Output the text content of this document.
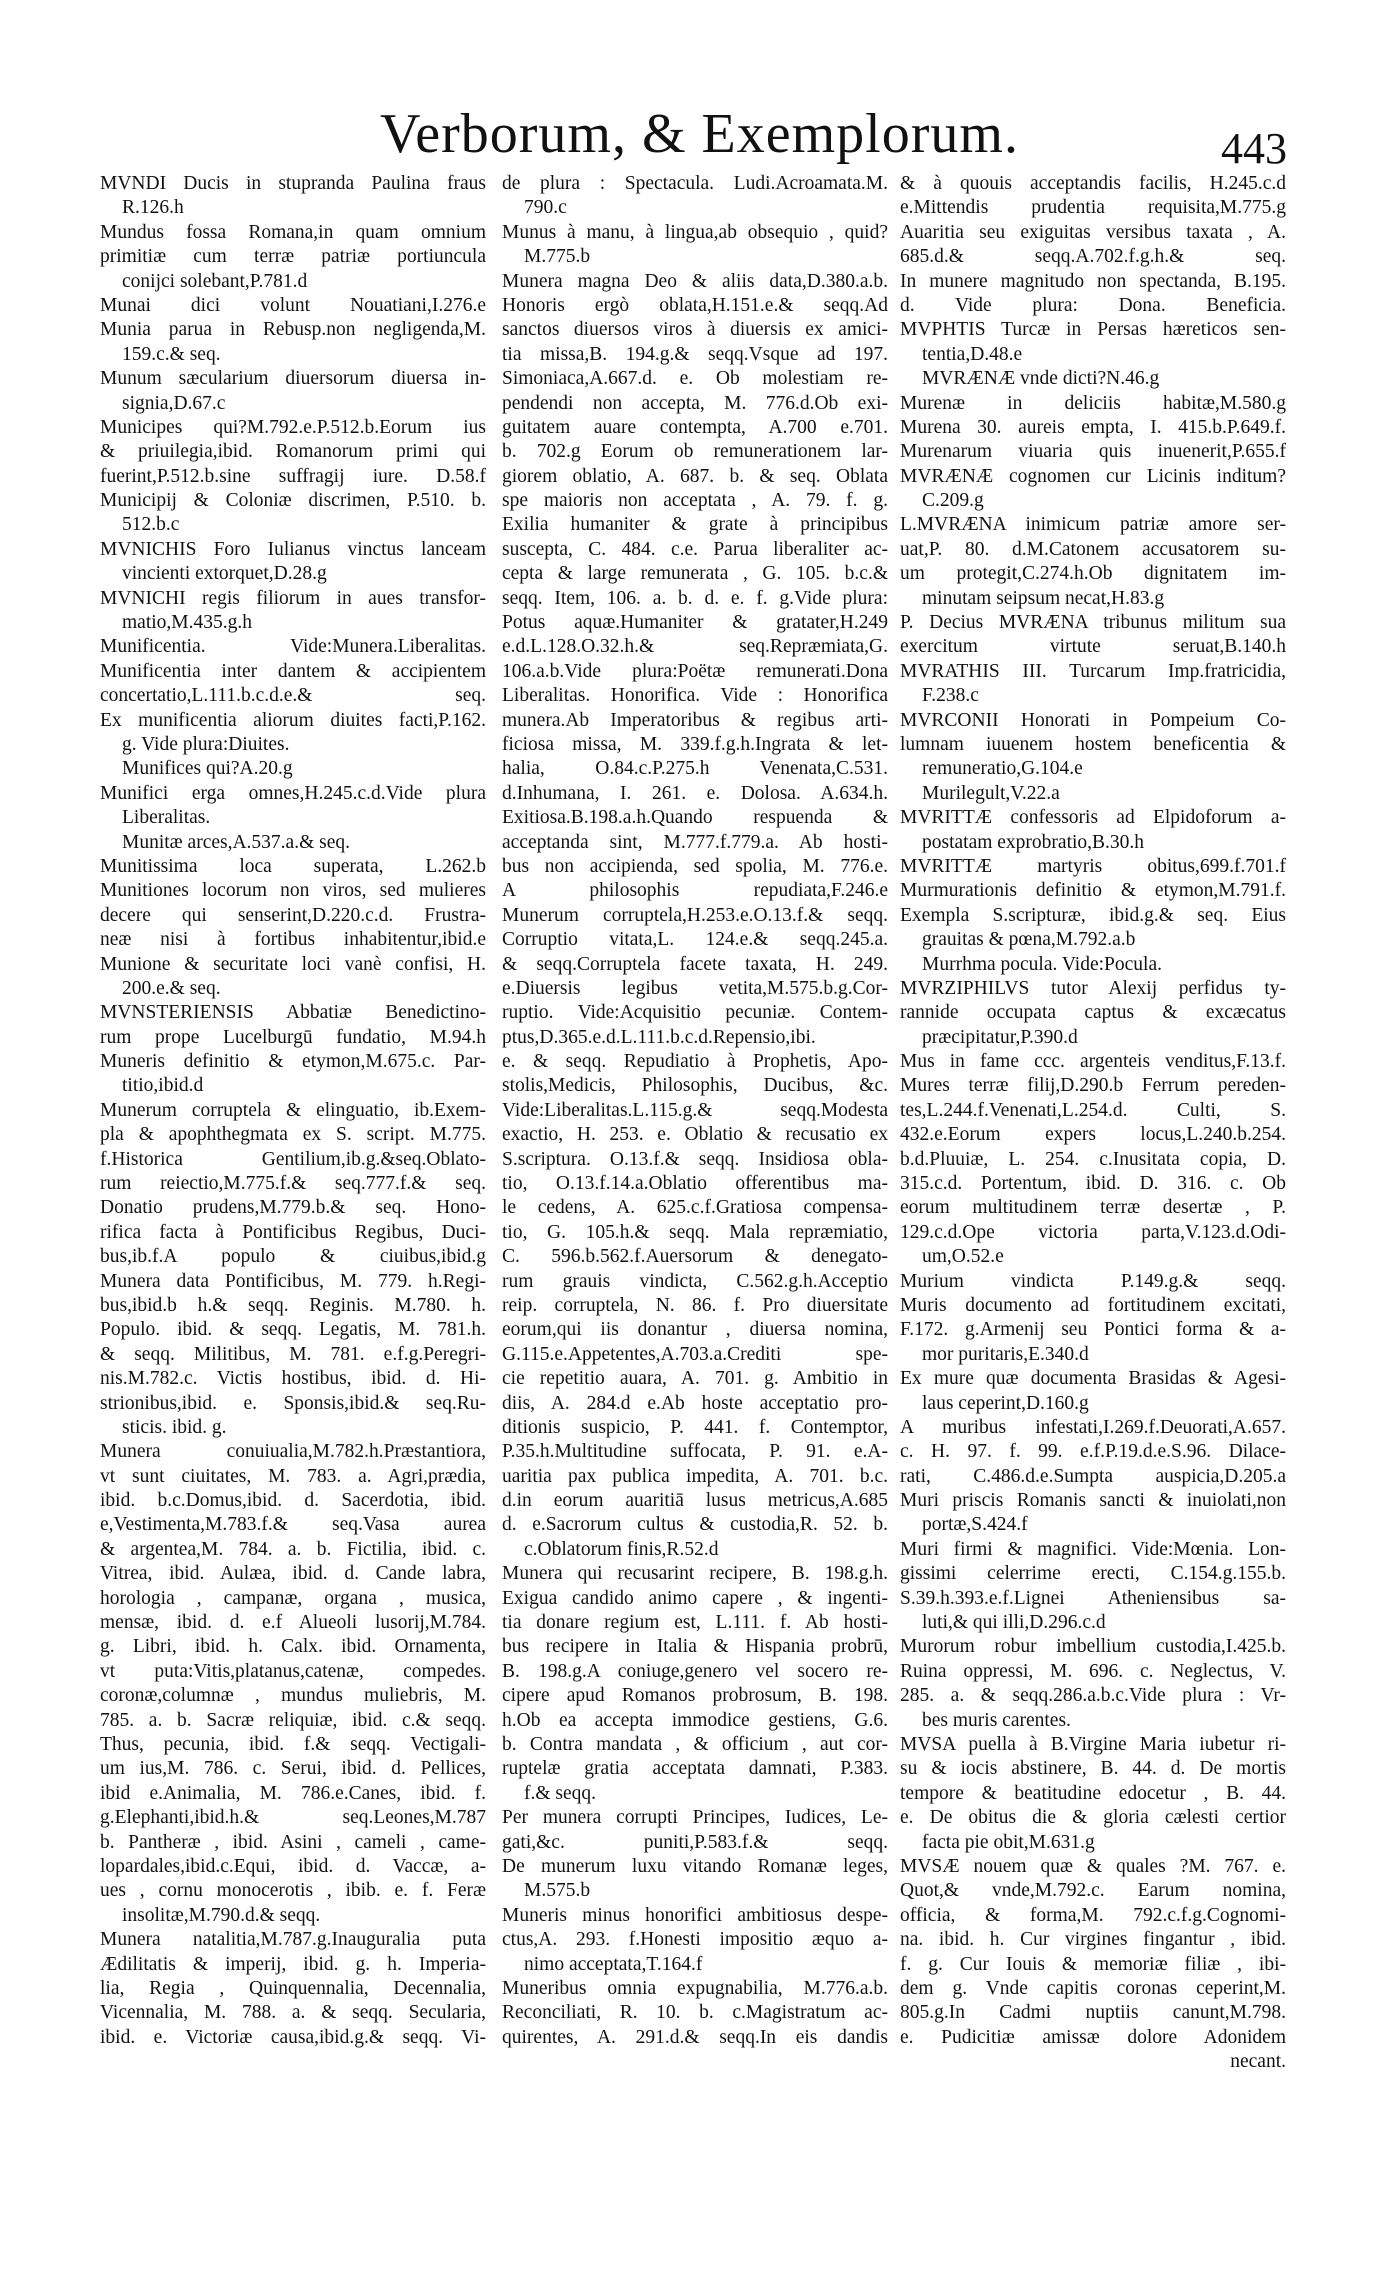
Verborum, & Exemplorum.	443
MVNDI Ducis in stupranda Paulina fraus
R.126.h
Mundus fossa Romana,in quam omnium
primitiæ cum terræ patriæ portiuncula
conijci solebant,P.781.d
Munai dici volunt Nouatiani,I.276.e
Munia parua in Rebusp.non negligenda,M.
159.c.& seq.
Munum sæcularium diuersorum diuersa in-
signia,D.67.c
Municipes qui?M.792.e.P.512.b.Eorum ius
& priuilegia,ibid. Romanorum primi qui
fuerint,P.512.b.sine suffragij iure. D.58.f
Municipij & Coloniæ discrimen, P.510. b.
512.b.c
MVNICHIS Foro Iulianus vinctus lanceam
vincienti extorquet,D.28.g
MVNICHI regis filiorum in aues transfor-
matio,M.435.g.h
Munificentia. Vide:Munera.Liberalitas.
Munificentia inter dantem & accipientem
concertatio,L.111.b.c.d.e.& seq.
Ex munificentia aliorum diuites facti,P.162.
g. Vide plura:Diuites.
Munifices qui?A.20.g
Munifici erga omnes,H.245.c.d.Vide plura
Liberalitas.
Munitæ arces,A.537.a.& seq.
Munitissima loca superata, L.262.b
Munitiones locorum non viros, sed mulieres
decere qui senserint,D.220.c.d. Frustra-
neæ nisi à fortibus inhabitentur,ibid.e
Munione & securitate loci vanè confisi, H.
200.e.& seq.
MVNSTERIENSIS Abbatiæ Benedictino-
rum prope Lucelburgū fundatio, M.94.h
Muneris definitio & etymon,M.675.c. Par-
titio,ibid.d
Munerum corruptela & elinguatio, ib.Exem-
pla & apophthegmata ex S. script. M.775.
f.Historica Gentilium,ib.g.&seq.Oblato-
rum reiectio,M.775.f.& seq.777.f.& seq.
Donatio prudens,M.779.b.& seq. Hono-
rifica facta à Pontificibus Regibus, Duci-
bus,ib.f.A populo & ciuibus,ibid.g
Munera data Pontificibus, M. 779. h.Regi-
bus,ibid.b h.& seqq. Reginis. M.780. h.
Populo. ibid. & seqq. Legatis, M. 781.h.
& seqq. Militibus, M. 781. e.f.g.Peregri-
nis.M.782.c. Victis hostibus, ibid. d. Hi-
strionibus,ibid. e. Sponsis,ibid.& seq.Ru-
sticis. ibid. g.
Munera conuiualia,M.782.h.Præstantiora,
vt sunt ciuitates, M. 783. a. Agri,prædia,
ibid. b.c.Domus,ibid. d. Sacerdotia, ibid.
e,Vestimenta,M.783.f.& seq.Vasa aurea
& argentea,M. 784. a. b. Fictilia, ibid. c.
Vitrea, ibid. Aulæa, ibid. d. Cande labra,
horologia , campanæ, organa , musica,
mensæ, ibid. d. e.f Alueoli lusorij,M.784.
g. Libri, ibid. h. Calx. ibid. Ornamenta,
vt puta:Vitis,platanus,catenæ, compedes.
coronæ,columnæ , mundus muliebris, M.
785. a. b. Sacræ reliquiæ, ibid. c.& seqq.
Thus, pecunia, ibid. f.& seqq. Vectigali-
um ius,M. 786. c. Serui, ibid. d. Pellices,
ibid e.Animalia, M. 786.e.Canes, ibid. f.
g.Elephanti,ibid.h.& seq.Leones,M.787
b. Pantheræ , ibid. Asini , cameli , came-
lopardales,ibid.c.Equi, ibid. d. Vaccæ, a-
ues , cornu monocerotis , ibib. e. f. Feræ
insolitæ,M.790.d.& seqq.
Munera natalitia,M.787.g.Inauguralia puta
Ædilitatis & imperij, ibid. g. h. Imperia-
lia, Regia , Quinquennalia, Decennalia,
Vicennalia, M. 788. a. & seqq. Secularia,
ibid. e. Victoriæ causa,ibid.g.& seqq. Vi-
de plura : Spectacula. Ludi.Acroamata.M.
790.c
Munus à manu, à lingua,ab obsequio , quid?
M.775.b
Munera magna Deo & aliis data,D.380.a.b.
Honoris ergò oblata,H.151.e.& seqq.Ad
sanctos diuersos viros à diuersis ex amici-
tia missa,B. 194.g.& seqq.Vsque ad 197.
Simoniaca,A.667.d. e. Ob molestiam re-
pendendi non accepta, M. 776.d.Ob exi-
guitatem auare contempta, A.700 e.701.
b. 702.g Eorum ob remunerationem lar-
giorem oblatio, A. 687. b. & seq. Oblata
spe maioris non acceptata , A. 79. f. g.
Exilia humaniter & grate à principibus
suscepta, C. 484. c.e. Parua liberaliter ac-
cepta & large remunerata , G. 105. b.c.&
seqq. Item, 106. a. b. d. e. f. g.Vide plura:
Potus aquæ.Humaniter & gratater,H.249
e.d.L.128.O.32.h.& seq.Repræmiata,G.
106.a.b.Vide plura:Poëtæ remunerati.Dona
Liberalitas. Honorifica. Vide : Honorifica
munera.Ab Imperatoribus & regibus arti-
ficiosa missa, M. 339.f.g.h.Ingrata & let-
halia, O.84.c.P.275.h Venenata,C.531.
d.Inhumana, I. 261. e. Dolosa. A.634.h.
Exitiosa.B.198.a.h.Quando respuenda &
acceptanda sint, M.777.f.779.a. Ab hosti-
bus non accipienda, sed spolia, M. 776.e.
A philosophis repudiata,F.246.e
Munerum corruptela,H.253.e.O.13.f.& seqq.
Corruptio vitata,L. 124.e.& seqq.245.a.
& seqq.Corruptela facete taxata, H. 249.
e.Diuersis legibus vetita,M.575.b.g.Cor-
ruptio. Vide:Acquisitio pecuniæ. Contem-
ptus,D.365.e.d.L.111.b.c.d.Repensio,ibi.
e. & seqq. Repudiatio à Prophetis, Apo-
stolis,Medicis, Philosophis, Ducibus, &c.
Vide:Liberalitas.L.115.g.& seqq.Modesta
exactio, H. 253. e. Oblatio & recusatio ex
S.scriptura. O.13.f.& seqq. Insidiosa obla-
tio, O.13.f.14.a.Oblatio offerentibus ma-
le cedens, A. 625.c.f.Gratiosa compensa-
tio, G. 105.h.& seqq. Mala repræmiatio,
C. 596.b.562.f.Auersorum & denegato-
rum grauis vindicta, C.562.g.h.Acceptio
reip. corruptela, N. 86. f. Pro diuersitate
eorum,qui iis donantur , diuersa nomina,
G.115.e.Appetentes,A.703.a.Crediti spe-
cie repetitio auara, A. 701. g. Ambitio in
diis, A. 284.d e.Ab hoste acceptatio pro-
ditionis suspicio, P. 441. f. Contemptor,
P.35.h.Multitudine suffocata, P. 91. e.A-
uaritia pax publica impedita, A. 701. b.c.
d.in eorum auaritiā lusus metricus,A.685
d. e.Sacrorum cultus & custodia,R. 52. b.
c.Oblatorum finis,R.52.d
Munera qui recusarint recipere, B. 198.g.h.
Exigua candido animo capere , & ingenti-
tia donare regium est, L.111. f. Ab hosti-
bus recipere in Italia & Hispania probrū,
B. 198.g.A coniuge,genero vel socero re-
cipere apud Romanos probrosum, B. 198.
h.Ob ea accepta immodice gestiens, G.6.
b. Contra mandata , & officium , aut cor-
ruptelæ gratia acceptata damnati, P.383.
f.& seqq.
Per munera corrupti Principes, Iudices, Le-
gati,&c. puniti,P.583.f.& seqq.
De munerum luxu vitando Romanæ leges,
M.575.b
Muneris minus honorifici ambitiosus despe-
ctus,A. 293. f.Honesti impositio æquo a-
nimo acceptata,T.164.f
Muneribus omnia expugnabilia, M.776.a.b.
Reconciliati, R. 10. b. c.Magistratum ac-
quirentes, A. 291.d.& seqq.In eis dandis
& à quouis acceptandis facilis, H.245.c.d
e.Mittendis prudentia requisita,M.775.g
Auaritia seu exiguitas versibus taxata , A.
685.d.& seqq.A.702.f.g.h.& seq.
In munere magnitudo non spectanda, B.195.
d. Vide plura: Dona. Beneficia.
MVPHTIS Turcæ in Persas hæreticos sen-
tentia,D.48.e
MVRÆNÆ vnde dicti?N.46.g
Murenæ in deliciis habitæ,M.580.g
Murena 30. aureis empta, I. 415.b.P.649.f.
Murenarum viuaria quis inuenerit,P.655.f
MVRÆNÆ cognomen cur Licinis inditum?
C.209.g
L.MVRÆNA inimicum patriæ amore ser-
uat,P. 80. d.M.Catonem accusatorem su-
um protegit,C.274.h.Ob dignitatem im-
minutam seipsum necat,H.83.g
P. Decius MVRÆNA tribunus militum sua
exercitum virtute seruat,B.140.h
MVRATHIS III. Turcarum Imp.fratricidia,
F.238.c
MVRCONII Honorati in Pompeium Co-
lumnam iuuenem hostem beneficentia &
remuneratio,G.104.e
Murilegult,V.22.a
MVRITTÆ confessoris ad Elpidoforum a-
postatam exprobratio,B.30.h
MVRITTÆ martyris obitus,699.f.701.f
Murmurationis definitio & etymon,M.791.f.
Exempla S.scripturæ, ibid.g.& seq. Eius
grauitas & pœna,M.792.a.b
Murrhma pocula. Vide:Pocula.
MVRZIPHILVS tutor Alexij perfidus ty-
rannide occupata captus & excæcatus
præcipitatur,P.390.d
Mus in fame ccc. argenteis venditus,F.13.f.
Mures terræ filij,D.290.b Ferrum pereden-
tes,L.244.f.Venenati,L.254.d. Culti, S.
432.e.Eorum expers locus,L.240.b.254.
b.d.Pluuiæ, L. 254. c.Inusitata copia, D.
315.c.d. Portentum, ibid. D. 316. c. Ob
eorum multitudinem terræ desertæ , P.
129.c.d.Ope victoria parta,V.123.d.Odi-
um,O.52.e
Murium vindicta P.149.g.& seqq.
Muris documento ad fortitudinem excitati,
F.172. g.Armenij seu Pontici forma & a-
mor puritaris,E.340.d
Ex mure quæ documenta Brasidas & Agesi-
laus ceperint,D.160.g
A muribus infestati,I.269.f.Deuorati,A.657.
c. H. 97. f. 99. e.f.P.19.d.e.S.96. Dilace-
rati, C.486.d.e.Sumpta auspicia,D.205.a
Muri priscis Romanis sancti & inuiolati,non
portæ,S.424.f
Muri firmi & magnifici. Vide:Mœnia. Lon-
gissimi celerrime erecti, C.154.g.155.b.
S.39.h.393.e.f.Lignei Atheniensibus sa-
luti,& qui illi,D.296.c.d
Murorum robur imbellium custodia,I.425.b.
Ruina oppressi, M. 696. c. Neglectus, V.
285. a. & seqq.286.a.b.c.Vide plura : Vr-
bes muris carentes.
MVSA puella à B.Virgine Maria iubetur ri-
su & iocis abstinere, B. 44. d. De mortis
tempore & beatitudine edocetur , B. 44.
e. De obitus die & gloria cælesti certior
facta pie obit,M.631.g
MVSÆ nouem quæ & quales ?M. 767. e.
Quot,& vnde,M.792.c. Earum nomina,
officia, & forma,M. 792.c.f.g.Cognomi-
na. ibid. h. Cur virgines fingantur , ibid.
f. g. Cur Iouis & memoriæ filiæ , ibi-
dem g. Vnde capitis coronas ceperint,M.
805.g.In Cadmi nuptiis canunt,M.798.
e. Pudicitiæ amissæ dolore Adonidem
necant.
